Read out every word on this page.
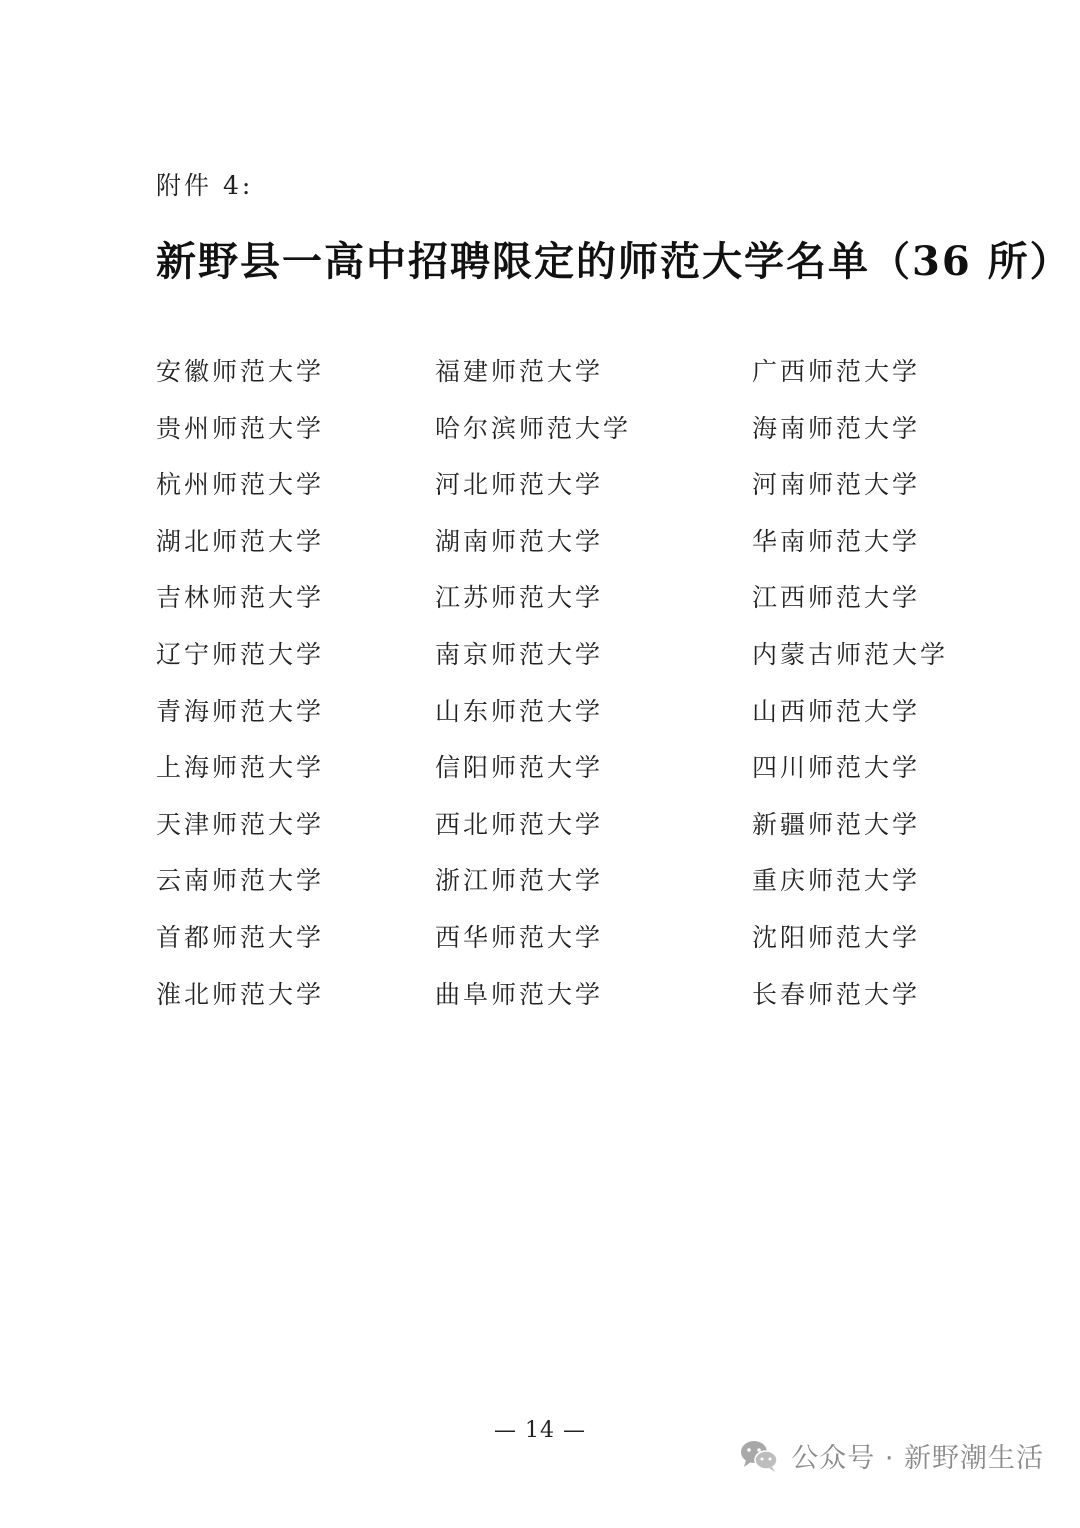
附件 4:
新野县一高中招聘限定的师范大学名单（36 所）
安徽师范大学	福建师范大学	广西师范大学
贵州师范大学	哈尔滨师范大学	海南师范大学
杭州师范大学	河北师范大学	河南师范大学
湖北师范大学	湖南师范大学	华南师范大学
吉林师范大学	江苏师范大学	江西师范大学
辽宁师范大学	南京师范大学	内蒙古师范大学
青海师范大学	山东师范大学	山西师范大学
上海师范大学	信阳师范大学	四川师范大学
天津师范大学	西北师范大学	新疆师范大学
云南师范大学	浙江师范大学	重庆师范大学
首都师范大学	西华师范大学	沈阳师范大学
淮北师范大学	曲阜师范大学	长春师范大学
— 14 —
公众号 · 新野潮生活
